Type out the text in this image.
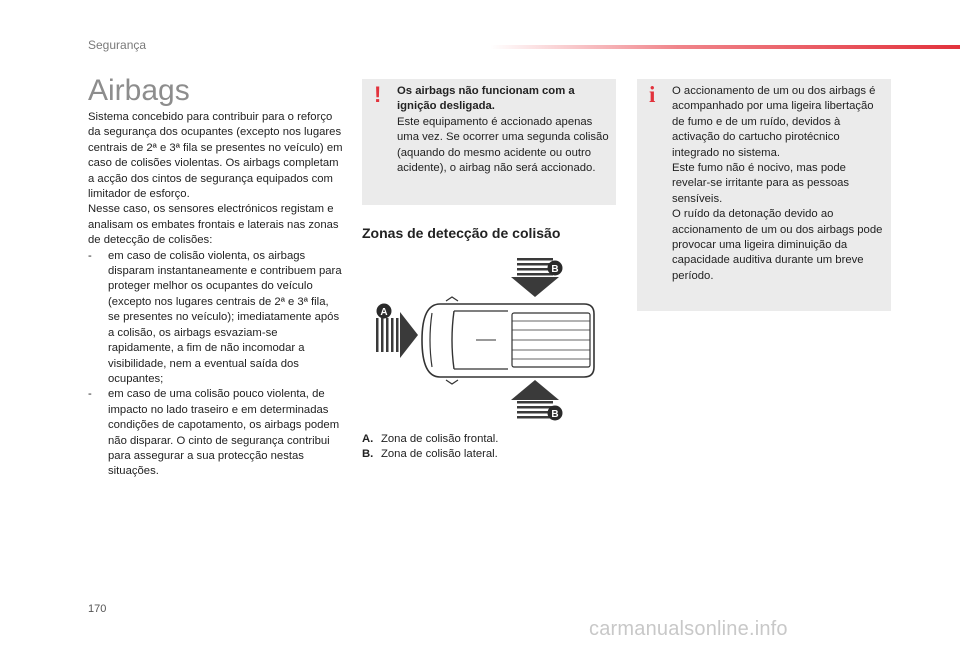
Segurança
Airbags

Sistema concebido para contribuir para o reforço da segurança dos ocupantes (excepto nos lugares centrais de 2ª e 3ª fila se presentes no veículo) em caso de colisões violentas. Os airbags completam a acção dos cintos de segurança equipados com limitador de esforço.

Nesse caso, os sensores electrónicos registam e analisam os embates frontais e laterais nas zonas de detecção de colisões:

- em caso de colisão violenta, os airbags disparam instantaneamente e contribuem para proteger melhor os ocupantes do veículo (excepto nos lugares centrais de 2ª e 3ª fila, se presentes no veículo); imediatamente após a colisão, os airbags esvaziam-se rapidamente, a fim de não incomodar a visibilidade, nem a eventual saída dos ocupantes;
- em caso de uma colisão pouco violenta, de impacto no lado traseiro e em determinadas condições de capotamento, os airbags podem não disparar. O cinto de segurança contribui para assegurar a sua protecção nestas situações.
! Os airbags não funcionam com a ignição desligada.
Este equipamento é accionado apenas uma vez. Se ocorrer uma segunda colisão (aquando do mesmo acidente ou outro acidente), o airbag não será accionado.
i O accionamento de um ou dos airbags é acompanhado por uma ligeira libertação de fumo e de um ruído, devidos à activação do cartucho pirotécnico integrado no sistema.
Este fumo não é nocivo, mas pode revelar-se irritante para as pessoas sensíveis.
O ruído da detonação devido ao accionamento de um ou dos airbags pode provocar uma ligeira diminuição da capacidade auditiva durante um breve período.
Zonas de detecção de colisão
A
B
B
A. Zona de colisão frontal.
B. Zona de colisão lateral.
170
carmanualsonline.info
